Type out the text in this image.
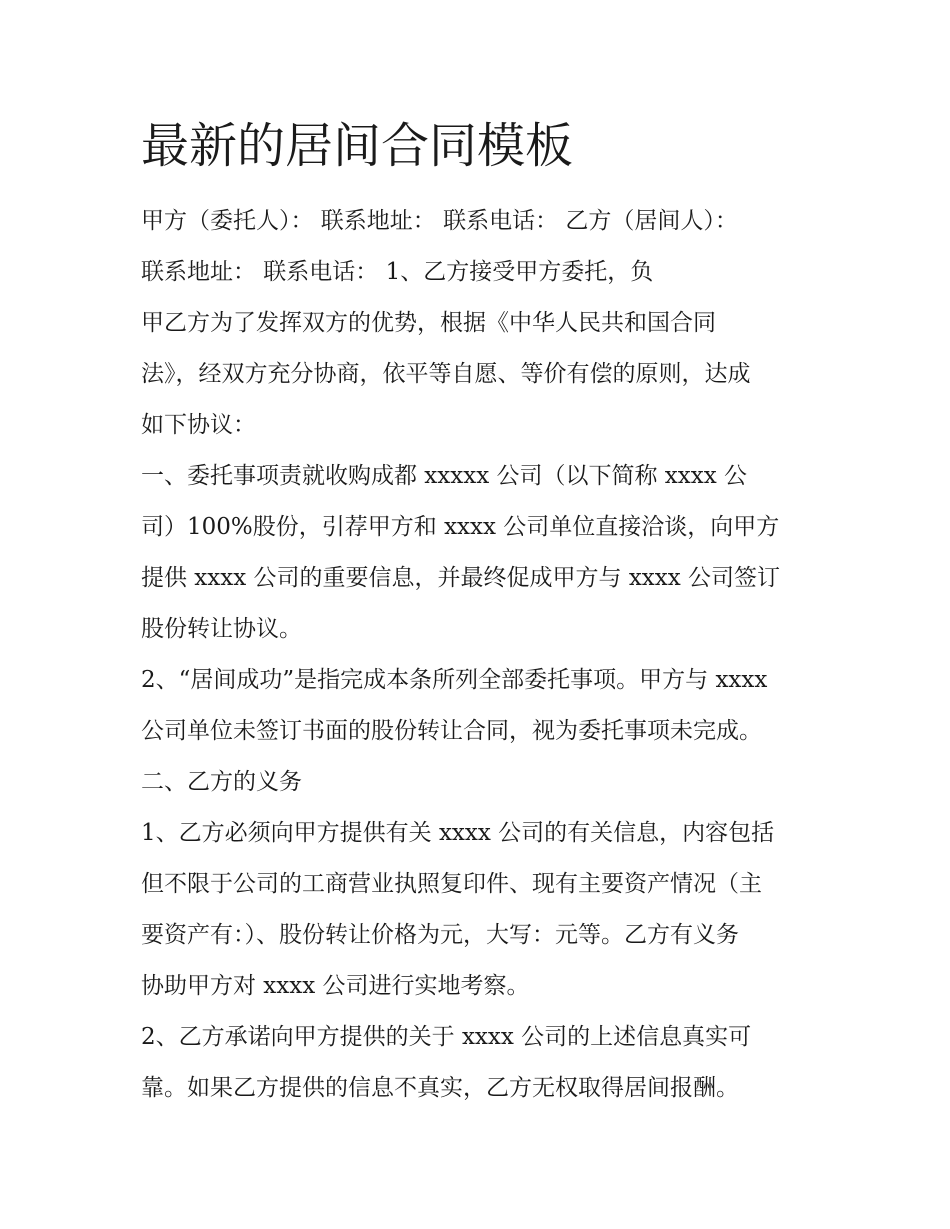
最新的居间合同模板
甲方（委托人）： 联系地址： 联系电话： 乙方（居间人）：
联系地址： 联系电话： 1、乙方接受甲方委托，负
甲乙方为了发挥双方的优势，根据《中华人民共和国合同
法》，经双方充分协商，依平等自愿、等价有偿的原则，达成
如下协议：
一、委托事项责就收购成都 xxxxx 公司（以下简称 xxxx 公
司）100%股份，引荐甲方和 xxxx 公司单位直接洽谈，向甲方
提供 xxxx 公司的重要信息，并最终促成甲方与 xxxx 公司签订
股份转让协议。
2、“居间成功”是指完成本条所列全部委托事项。甲方与 xxxx
公司单位未签订书面的股份转让合同，视为委托事项未完成。
二、乙方的义务
1、乙方必须向甲方提供有关 xxxx 公司的有关信息，内容包括
但不限于公司的工商营业执照复印件、现有主要资产情况（主
要资产有：）、股份转让价格为元，大写：元等。乙方有义务
协助甲方对 xxxx 公司进行实地考察。
2、乙方承诺向甲方提供的关于 xxxx 公司的上述信息真实可
靠。如果乙方提供的信息不真实，乙方无权取得居间报酬。
